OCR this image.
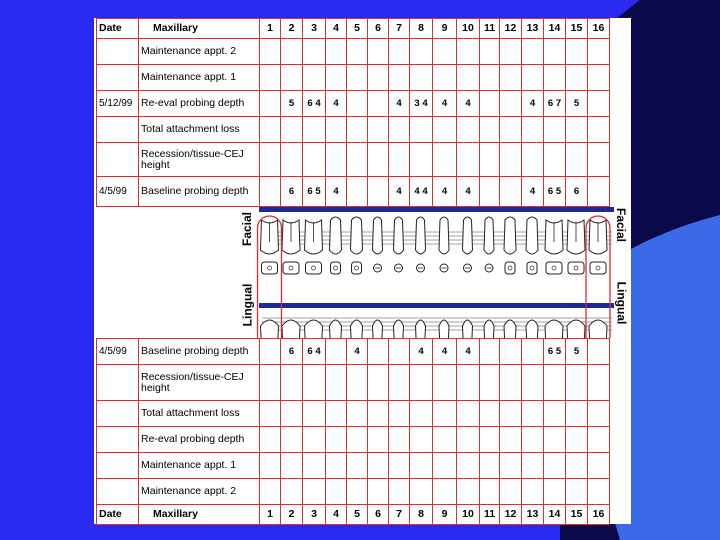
Date	Maxillary	1	2	3	4	5	6	7	8	9	10	11	12	13	14	15	16
	Maintenance appt. 2																
	Maintenance appt. 1																
5/12/99	Re-eval probing depth		5	6 4	4			4	3 4	4	4			4	6 7	5	
	Total attachment loss																
	Recession/tissue-CEJ height																
4/5/99	Baseline probing depth		6	6 5	4			4	4 4	4	4			4	6 5	6	
Facial
Lingual
Facial
Lingual
4/5/99	Baseline probing depth		6	6 4		4			4	4	4				6 5	5	
	Recession/tissue-CEJ height																
	Total attachment loss																
	Re-eval probing depth																
	Maintenance appt. 1																
	Maintenance appt. 2																
Date	Maxillary	1	2	3	4	5	6	7	8	9	10	11	12	13	14	15	16
